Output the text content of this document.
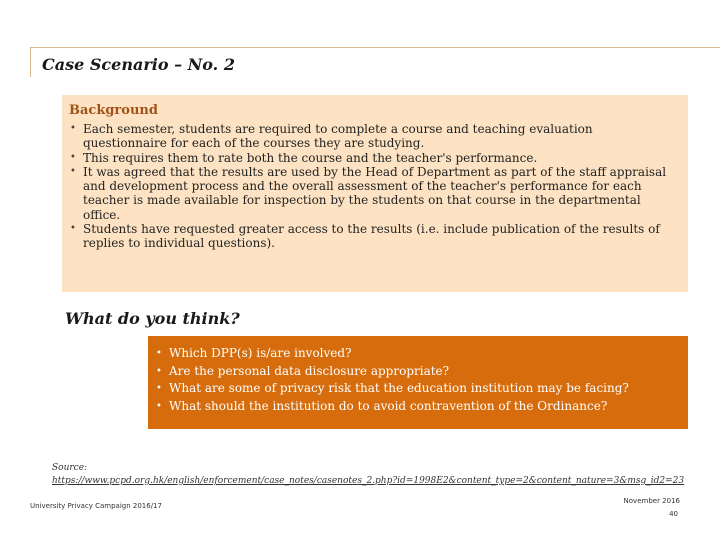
Case Scenario – No. 2
Background
• Each semester, students are required to complete a course and teaching evaluation questionnaire for each of the courses they are studying.
• This requires them to rate both the course and the teacher's performance.
• It was agreed that the results are used by the Head of Department as part of the staff appraisal and development process and the overall assessment of the teacher's performance for each teacher is made available for inspection by the students on that course in the departmental office.
• Students have requested greater access to the results (i.e. include publication of the results of replies to individual questions).
What do you think?
• Which DPP(s) is/are involved?
• Are the personal data disclosure appropriate?
• What are some of privacy risk that the education institution may be facing?
• What should the institution do to avoid contravention of the Ordinance?
Source:
https://www.pcpd.org.hk/english/enforcement/case_notes/casenotes_2.php?id=1998E2&content_type=2&content_nature=3&msg_id2=23
University Privacy Campaign 2016/17
November 2016
40
